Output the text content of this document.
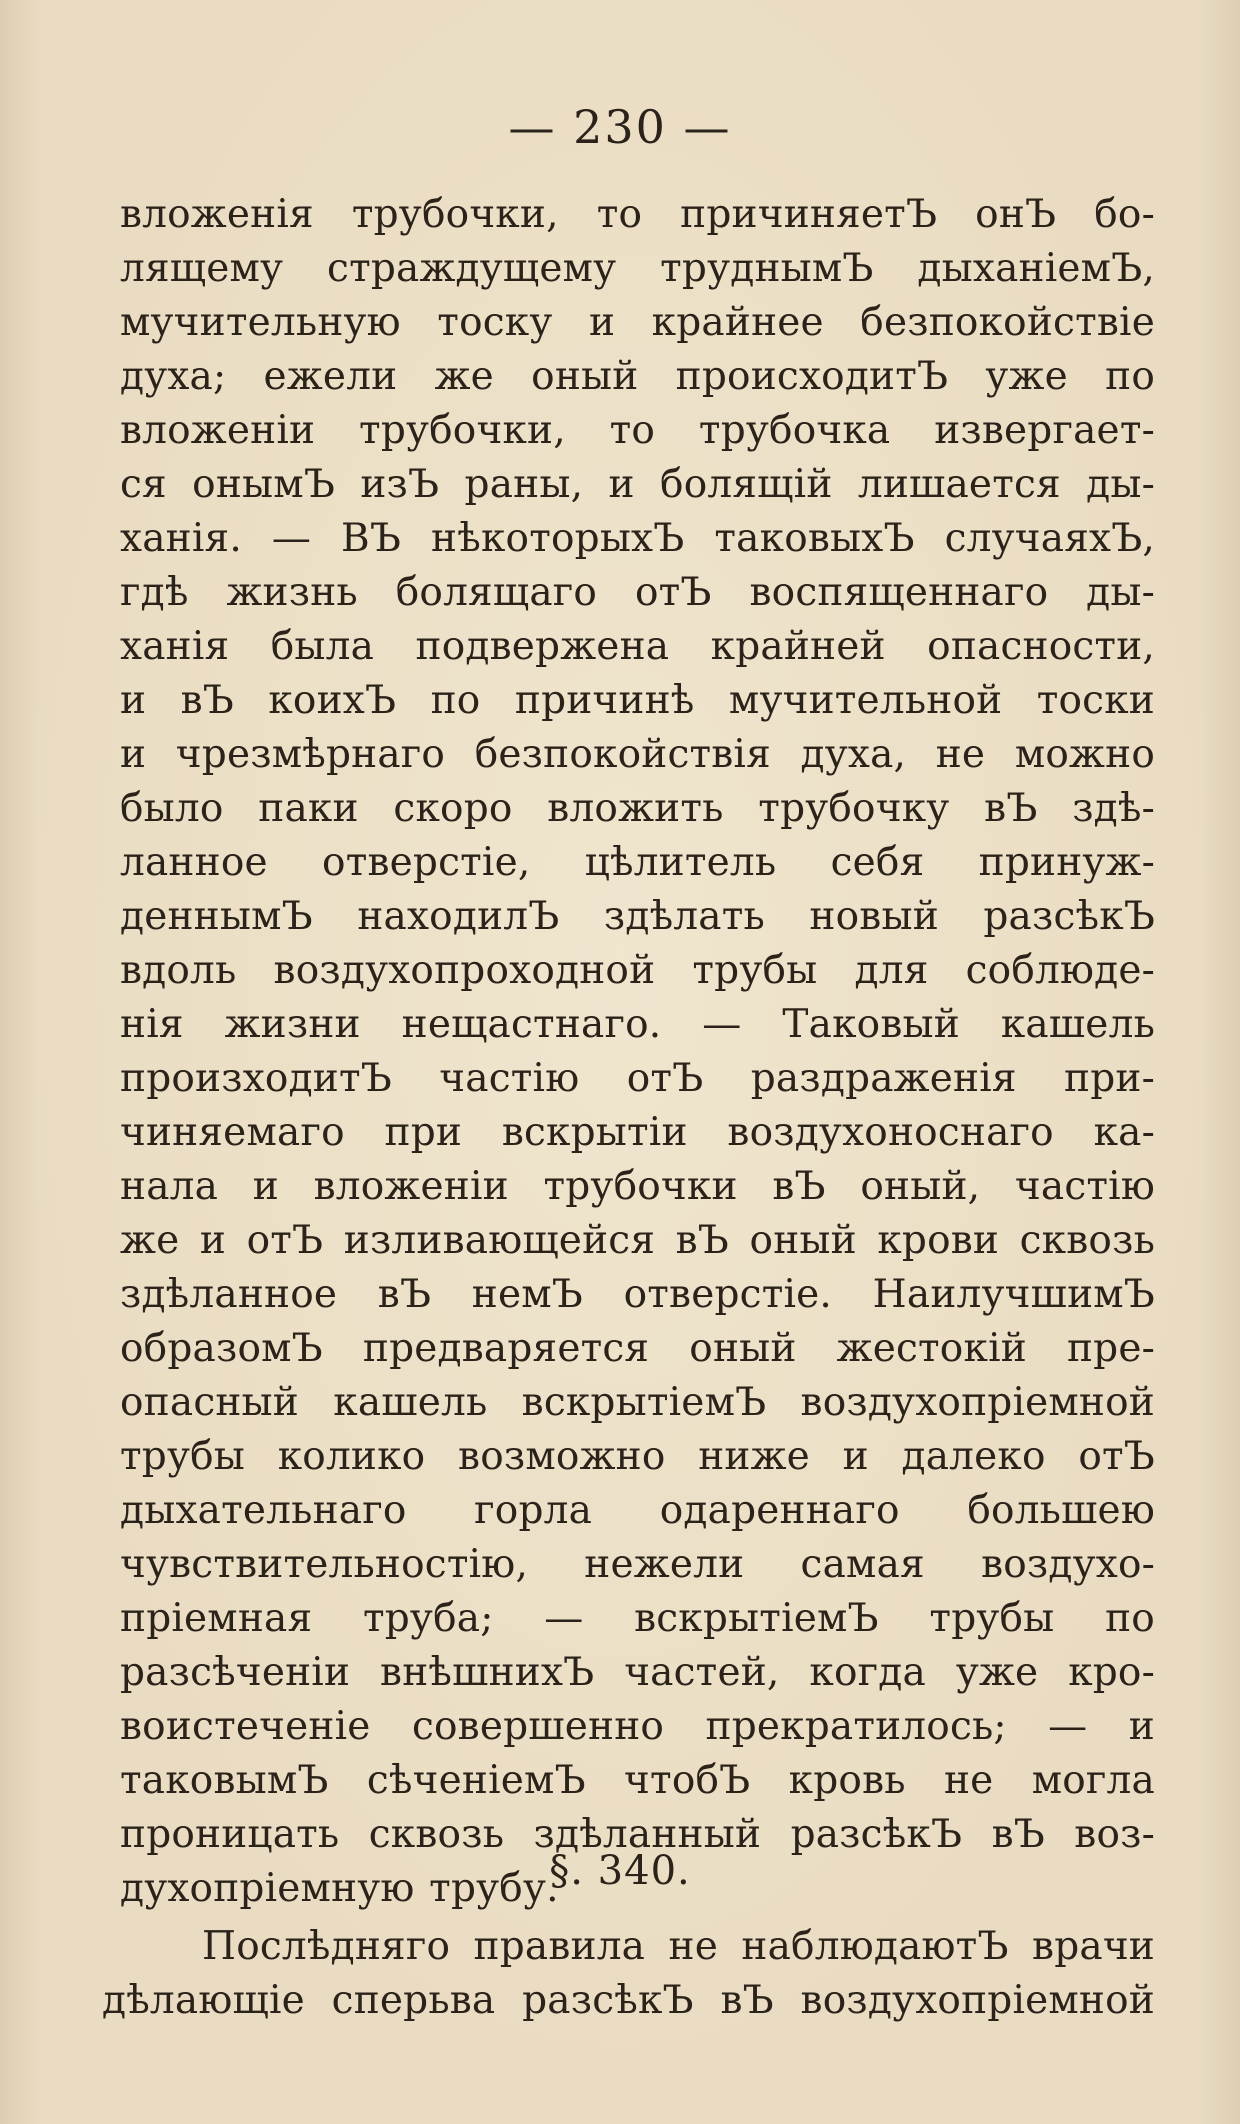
— 230 —
вложенія трубочки, то причиняетЪ онЪ бо-
лящему страждущему труднымЪ дыханіемЪ,
мучительную тоску и крайнее безпокойствіе
духа; ежели же оный происходитЪ уже по
вложеніи трубочки, то трубочка извергает-
ся онымЪ изЪ раны, и болящій лишается ды-
ханія. — ВЪ нѣкоторыхЪ таковыхЪ случаяхЪ,
гдѣ жизнь болящаго отЪ воспященнаго ды-
ханія была подвержена крайней опасности,
и вЪ коихЪ по причинѣ мучительной тоски
и чрезмѣрнаго безпокойствія духа, не можно
было паки скоро вложить трубочку вЪ здѣ-
ланное отверстіе, цѣлитель себя принуж-
деннымЪ находилЪ здѣлать новый разсѣкЪ
вдоль воздухопроходной трубы для соблюде-
нія жизни нещастнаго. — Таковый кашель
произходитЪ частію отЪ раздраженія при-
чиняемаго при вскрытіи воздухоноснаго ка-
нала и вложеніи трубочки вЪ оный, частію
же и отЪ изливающейся вЪ оный крови сквозь
здѣланное вЪ немЪ отверстіе. НаилучшимЪ
образомЪ предваряется оный жестокій пре-
опасный кашель вскрытіемЪ воздухопріемной
трубы колико возможно ниже и далеко отЪ
дыхательнаго горла одареннаго большею
чувствительностію, нежели самая воздухо-
пріемная труба; — вскрытіемЪ трубы по
разсѣченіи внѣшнихЪ частей, когда уже кро-
воистеченіе совершенно прекратилось; — и
таковымЪ сѣченіемЪ чтобЪ кровь не могла
проницать сквозь здѣланный разсѣкЪ вЪ воз-
духопріемную трубу.
§. 340.
Послѣдняго правила не наблюдаютЪ врачи
дѣлающіе сперьва разсѣкЪ вЪ воздухопріемной
